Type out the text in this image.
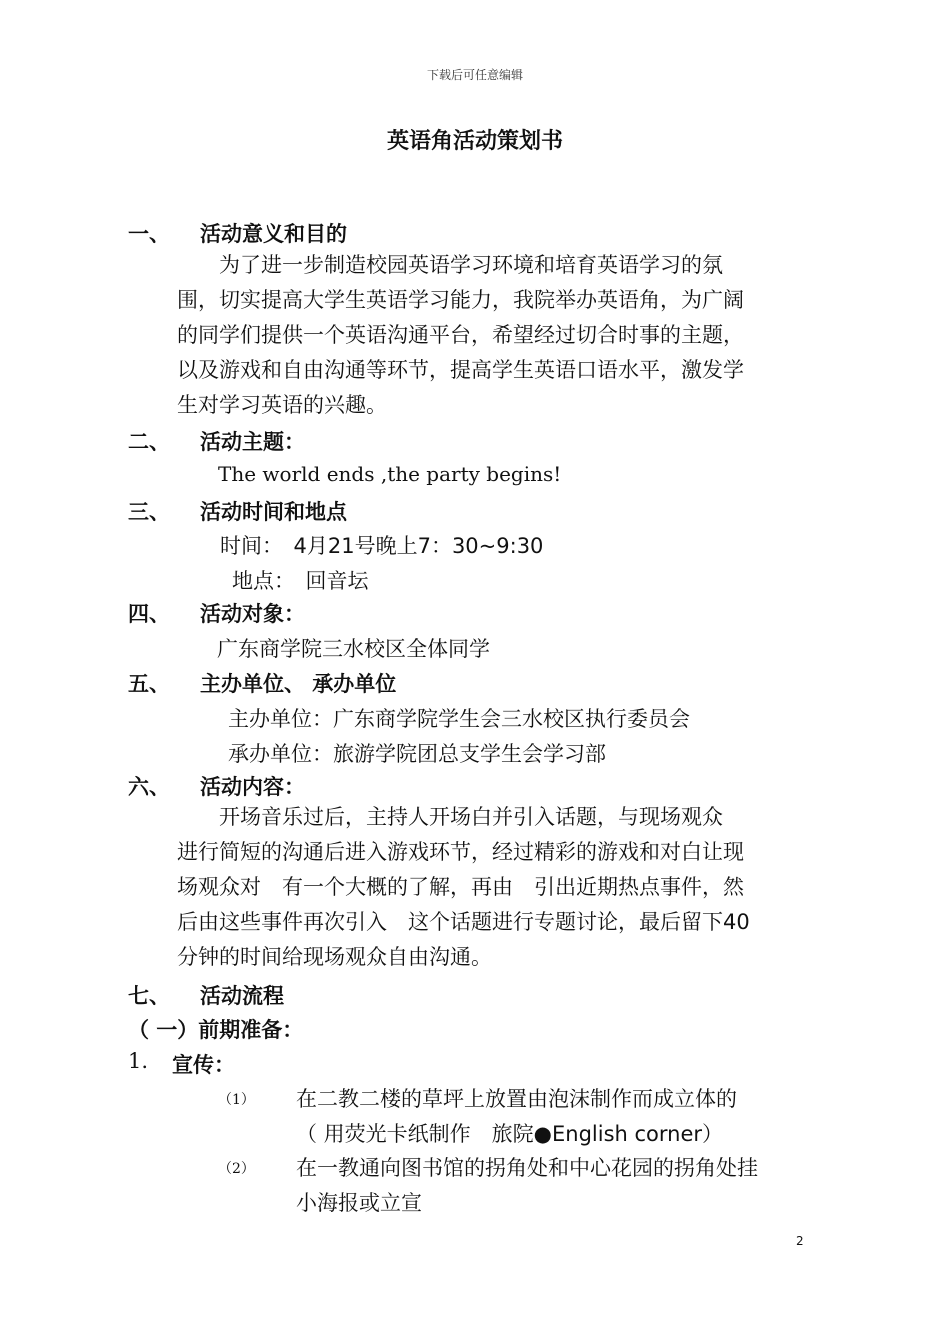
下载后可任意编辑
英语角活动策划书
一、 活动意义和目的

　　为了进一步制造校园英语学习环境和培育英语学习的氛

围，切实提高大学生英语学习能力，我院举办英语角，为广阔

的同学们提供一个英语沟通平台，希望经过切合时事的主题，

以及游戏和自由沟通等环节，提高学生英语口语水平，激发学

生对学习英语的兴趣。

二、 活动主题：
The world ends ,the party begins!
三、 活动时间和地点
时间：　4月21号晚上7：30~9:30
地点：　回音坛
四、 活动对象：
广东商学院三水校区全体同学
五、 主办单位、 承办单位
主办单位：广东商学院学生会三水校区执行委员会
承办单位：旅游学院团总支学生会学习部
六、 活动内容：

　　开场音乐过后，主持人开场白并引入话题，与现场观众

进行简短的沟通后进入游戏环节，经过精彩的游戏和对白让现

场观众对　有一个大概的了解，再由　引出近期热点事件，然

后由这些事件再次引入　这个话题进行专题讨论，最后留下40

分钟的时间给现场观众自由沟通。

七、 活动流程
（ 一）前期准备：
1. 宣传：
（1） 在二教二楼的草坪上放置由泡沫制作而成立体的
（ 用荧光卡纸制作　旅院●English corner）
（2） 在一教通向图书馆的拐角处和中心花园的拐角处挂
小海报或立宣
2
